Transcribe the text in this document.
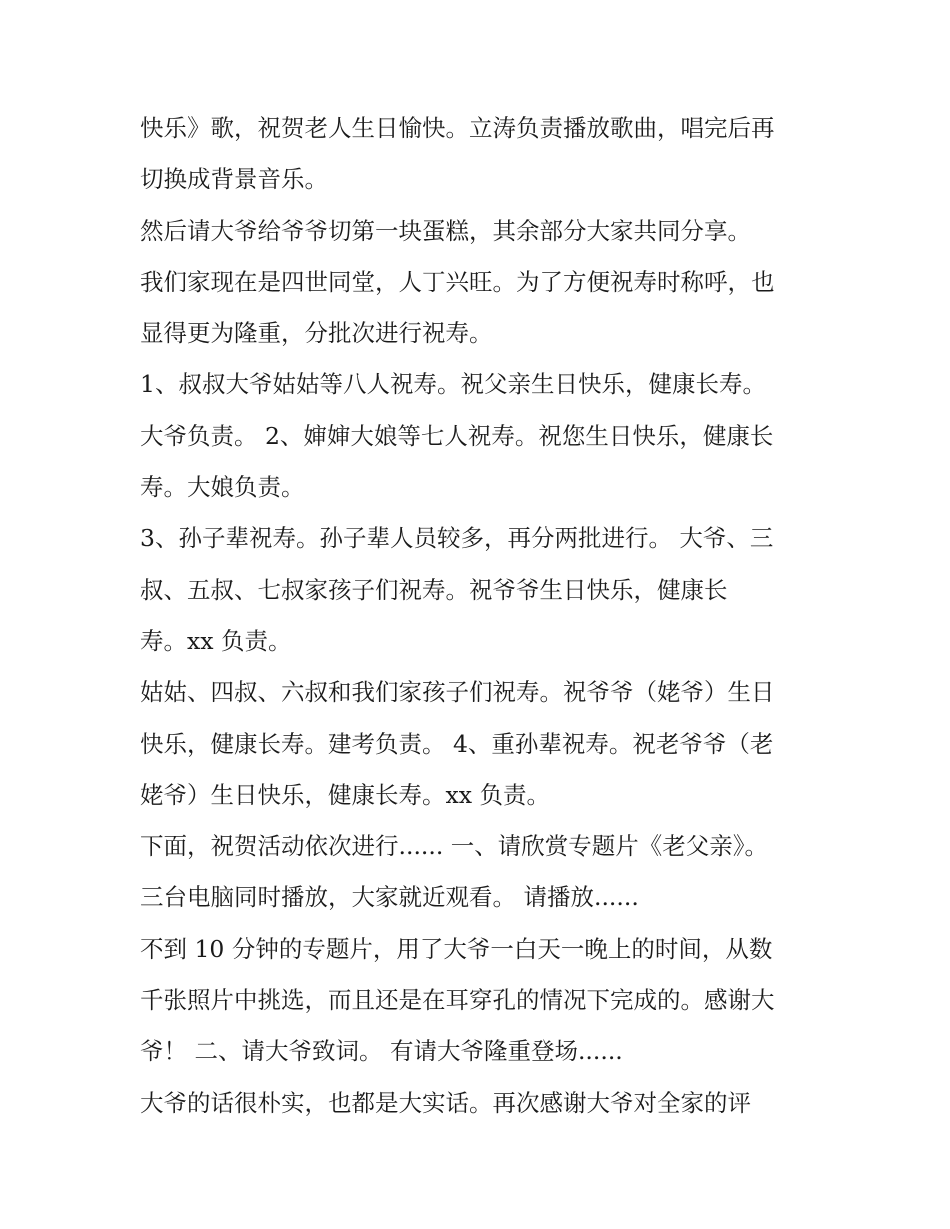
快乐》歌，祝贺老人生日愉快。立涛负责播放歌曲，唱完后再
切换成背景音乐。
然后请大爷给爷爷切第一块蛋糕，其余部分大家共同分享。
我们家现在是四世同堂，人丁兴旺。为了方便祝寿时称呼，也
显得更为隆重，分批次进行祝寿。
1、叔叔大爷姑姑等八人祝寿。祝父亲生日快乐，健康长寿。
大爷负责。 2、婶婶大娘等七人祝寿。祝您生日快乐，健康长
寿。大娘负责。
3、孙子辈祝寿。孙子辈人员较多，再分两批进行。 大爷、三
叔、五叔、七叔家孩子们祝寿。祝爷爷生日快乐，健康长
寿。xx 负责。
姑姑、四叔、六叔和我们家孩子们祝寿。祝爷爷（姥爷）生日
快乐，健康长寿。建考负责。 4、重孙辈祝寿。祝老爷爷（老
姥爷）生日快乐，健康长寿。xx 负责。
下面，祝贺活动依次进行...... 一、请欣赏专题片《老父亲》。
三台电脑同时播放，大家就近观看。 请播放......
不到 10 分钟的专题片，用了大爷一白天一晚上的时间，从数
千张照片中挑选，而且还是在耳穿孔的情况下完成的。感谢大
爷！ 二、请大爷致词。 有请大爷隆重登场......
大爷的话很朴实，也都是大实话。再次感谢大爷对全家的评
